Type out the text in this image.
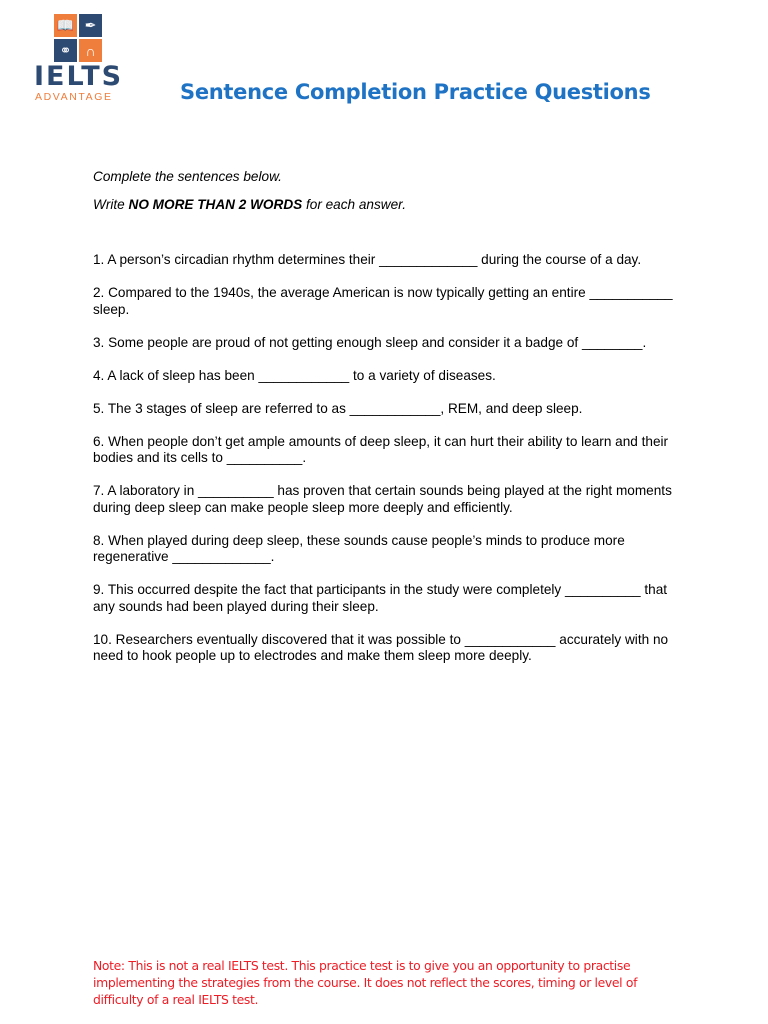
📖 ✒
⚭	∩
IELTS
ADVANTAGE	Sentence Completion Practice Questions

Complete the sentences below.

Write NO MORE THAN 2 WORDS for each answer.

1. A person’s circadian rhythm determines their _____________ during the course of a day.

2. Compared to the 1940s, the average American is now typically getting an entire ___________ sleep.

3. Some people are proud of not getting enough sleep and consider it a badge of ________.

4. A lack of sleep has been ____________ to a variety of diseases.

5. The 3 stages of sleep are referred to as ____________, REM, and deep sleep.

6. When people don’t get ample amounts of deep sleep, it can hurt their ability to learn and their bodies and its cells to __________.

7. A laboratory in __________ has proven that certain sounds being played at the right moments during deep sleep can make people sleep more deeply and efficiently.

8. When played during deep sleep, these sounds cause people’s minds to produce more regenerative _____________.

9. This occurred despite the fact that participants in the study were completely __________ that any sounds had been played during their sleep.

10. Researchers eventually discovered that it was possible to ____________ accurately with no need to hook people up to electrodes and make them sleep more deeply.

Note: This is not a real IELTS test. This practice test is to give you an opportunity to practise implementing the strategies from the course. It does not reflect the scores, timing or level of difficulty of a real IELTS test.
